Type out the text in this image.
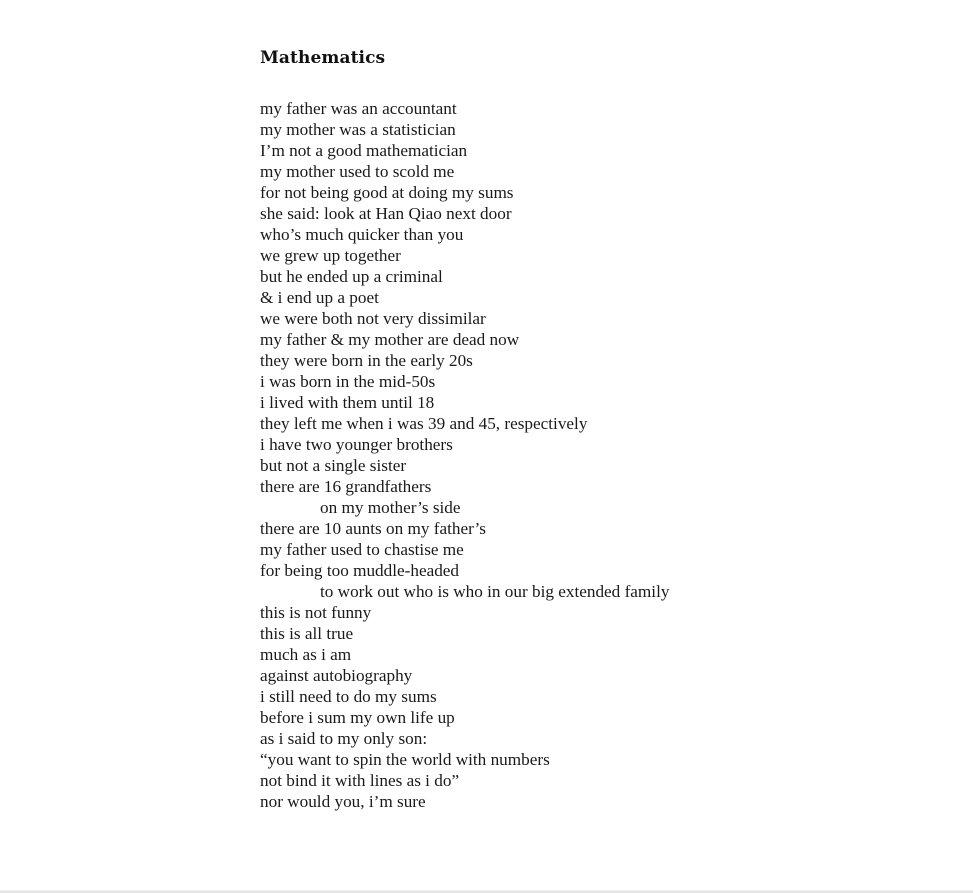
Mathematics
my father was an accountant
my mother was a statistician
I’m not a good mathematician
my mother used to scold me
for not being good at doing my sums
she said: look at Han Qiao next door
who’s much quicker than you
we grew up together
but he ended up a criminal
& i end up a poet
we were both not very dissimilar
my father & my mother are dead now
they were born in the early 20s
i was born in the mid-50s
i lived with them until 18
they left me when i was 39 and 45, respectively
i have two younger brothers
but not a single sister
there are 16 grandfathers
on my mother’s side
there are 10 aunts on my father’s
my father used to chastise me
for being too muddle-headed
to work out who is who in our big extended family
this is not funny
this is all true
much as i am
against autobiography
i still need to do my sums
before i sum my own life up
as i said to my only son:
“you want to spin the world with numbers
not bind it with lines as i do”
nor would you, i’m sure
